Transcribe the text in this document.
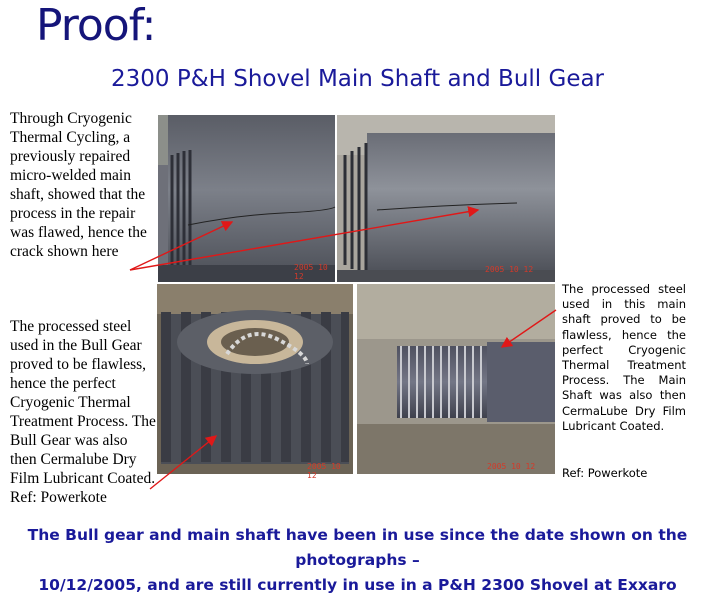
Proof:
2300 P&H Shovel Main Shaft and Bull Gear
Through Cryogenic Thermal Cycling, a previously repaired micro-welded main shaft, showed that the process in the repair was flawed, hence the crack shown here
The processed steel used in the Bull Gear proved to be flawless, hence the perfect Cryogenic Thermal Treatment Process. The Bull Gear was also then Cermalube Dry Film Lubricant Coated. Ref: Powerkote
The processed steel used in this main shaft proved to be flawless, hence the perfect Cryogenic Thermal Treatment Process. The Main Shaft was also then CermaLube Dry Film Lubricant Coated.
Ref: Powerkote
2005 10 12
2005 10 12
2005 10 12
2005 10 12
The Bull gear and main shaft have been in use since the date shown on the photographs –
10/12/2005, and are still currently in use in a P&H 2300 Shovel at Exxaro
